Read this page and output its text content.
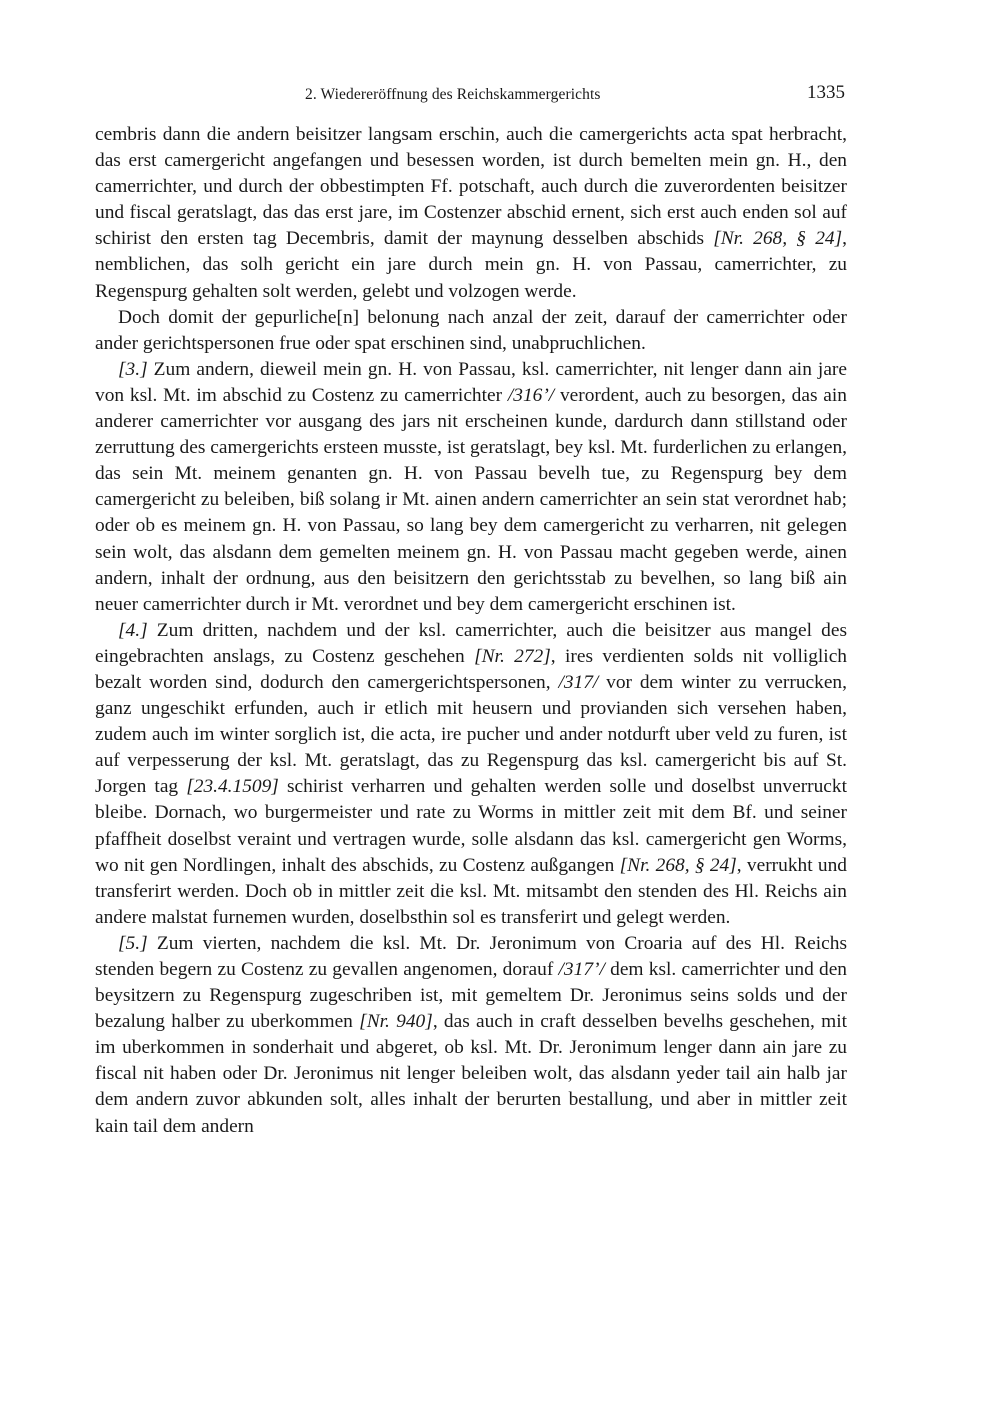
2. Wiedereröffnung des Reichskammergerichts	1335

cembris dann die andern beisitzer langsam erschin, auch die camergerichts acta spat herbracht, das erst camergericht angefangen und besessen worden, ist durch bemelten mein gn. H., den camerrichter, und durch der obbestimpten Ff. potschaft, auch durch die zuverordenten beisitzer und fiscal geratslagt, das das erst jare, im Costenzer abschid ernent, sich erst auch enden sol auf schirist den ersten tag Decembris, damit der maynung desselben abschids [Nr. 268, § 24], nemblichen, das solh gericht ein jare durch mein gn. H. von Passau, camerrichter, zu Regenspurg gehalten solt werden, gelebt und volzogen werde.

Doch domit der gepurliche[n] belonung nach anzal der zeit, darauf der camerrichter oder ander gerichtspersonen frue oder spat erschinen sind, unabpruchlichen.

[3.] Zum andern, dieweil mein gn. H. von Passau, ksl. camerrichter, nit lenger dann ain jare von ksl. Mt. im abschid zu Costenz zu camerrichter /316’/ verordent, auch zu besorgen, das ain anderer camerrichter vor ausgang des jars nit erscheinen kunde, dardurch dann stillstand oder zerruttung des camergerichts ersteen musste, ist geratslagt, bey ksl. Mt. furderlichen zu erlangen, das sein Mt. meinem genanten gn. H. von Passau bevelh tue, zu Regenspurg bey dem camergericht zu beleiben, biß solang ir Mt. ainen andern camerrichter an sein stat verordnet hab; oder ob es meinem gn. H. von Passau, so lang bey dem camergericht zu verharren, nit gelegen sein wolt, das alsdann dem gemelten meinem gn. H. von Passau macht gegeben werde, ainen andern, inhalt der ordnung, aus den beisitzern den gerichtsstab zu bevelhen, so lang biß ain neuer camerrichter durch ir Mt. verordnet und bey dem camergericht erschinen ist.

[4.] Zum dritten, nachdem und der ksl. camerrichter, auch die beisitzer aus mangel des eingebrachten anslags, zu Costenz geschehen [Nr. 272], ires verdienten solds nit volliglich bezalt worden sind, dodurch den camergerichtspersonen, /317/ vor dem winter zu verrucken, ganz ungeschikt erfunden, auch ir etlich mit heusern und provianden sich versehen haben, zudem auch im winter sorglich ist, die acta, ire pucher und ander notdurft uber veld zu furen, ist auf verpesserung der ksl. Mt. geratslagt, das zu Regenspurg das ksl. camergericht bis auf St. Jorgen tag [23.4.1509] schirist verharren und gehalten werden solle und doselbst unverruckt bleibe. Dornach, wo burgermeister und rate zu Worms in mittler zeit mit dem Bf. und seiner pfaffheit doselbst veraint und vertragen wurde, solle alsdann das ksl. camergericht gen Worms, wo nit gen Nordlingen, inhalt des abschids, zu Costenz außgangen [Nr. 268, § 24], verrukht und transferirt werden. Doch ob in mittler zeit die ksl. Mt. mitsambt den stenden des Hl. Reichs ain andere malstat furnemen wurden, doselbsthin sol es transferirt und gelegt werden.

[5.] Zum vierten, nachdem die ksl. Mt. Dr. Jeronimum von Croaria auf des Hl. Reichs stenden begern zu Costenz zu gevallen angenomen, dorauf /317’/ dem ksl. camerrichter und den beysitzern zu Regenspurg zugeschriben ist, mit gemeltem Dr. Jeronimus seins solds und der bezalung halber zu uberkommen [Nr. 940], das auch in craft desselben bevelhs geschehen, mit im uberkommen in sonderhait und abgeret, ob ksl. Mt. Dr. Jeronimum lenger dann ain jare zu fiscal nit haben oder Dr. Jeronimus nit lenger beleiben wolt, das alsdann yeder tail ain halb jar dem andern zuvor abkunden solt, alles inhalt der berurten bestallung, und aber in mittler zeit kain tail dem andern
